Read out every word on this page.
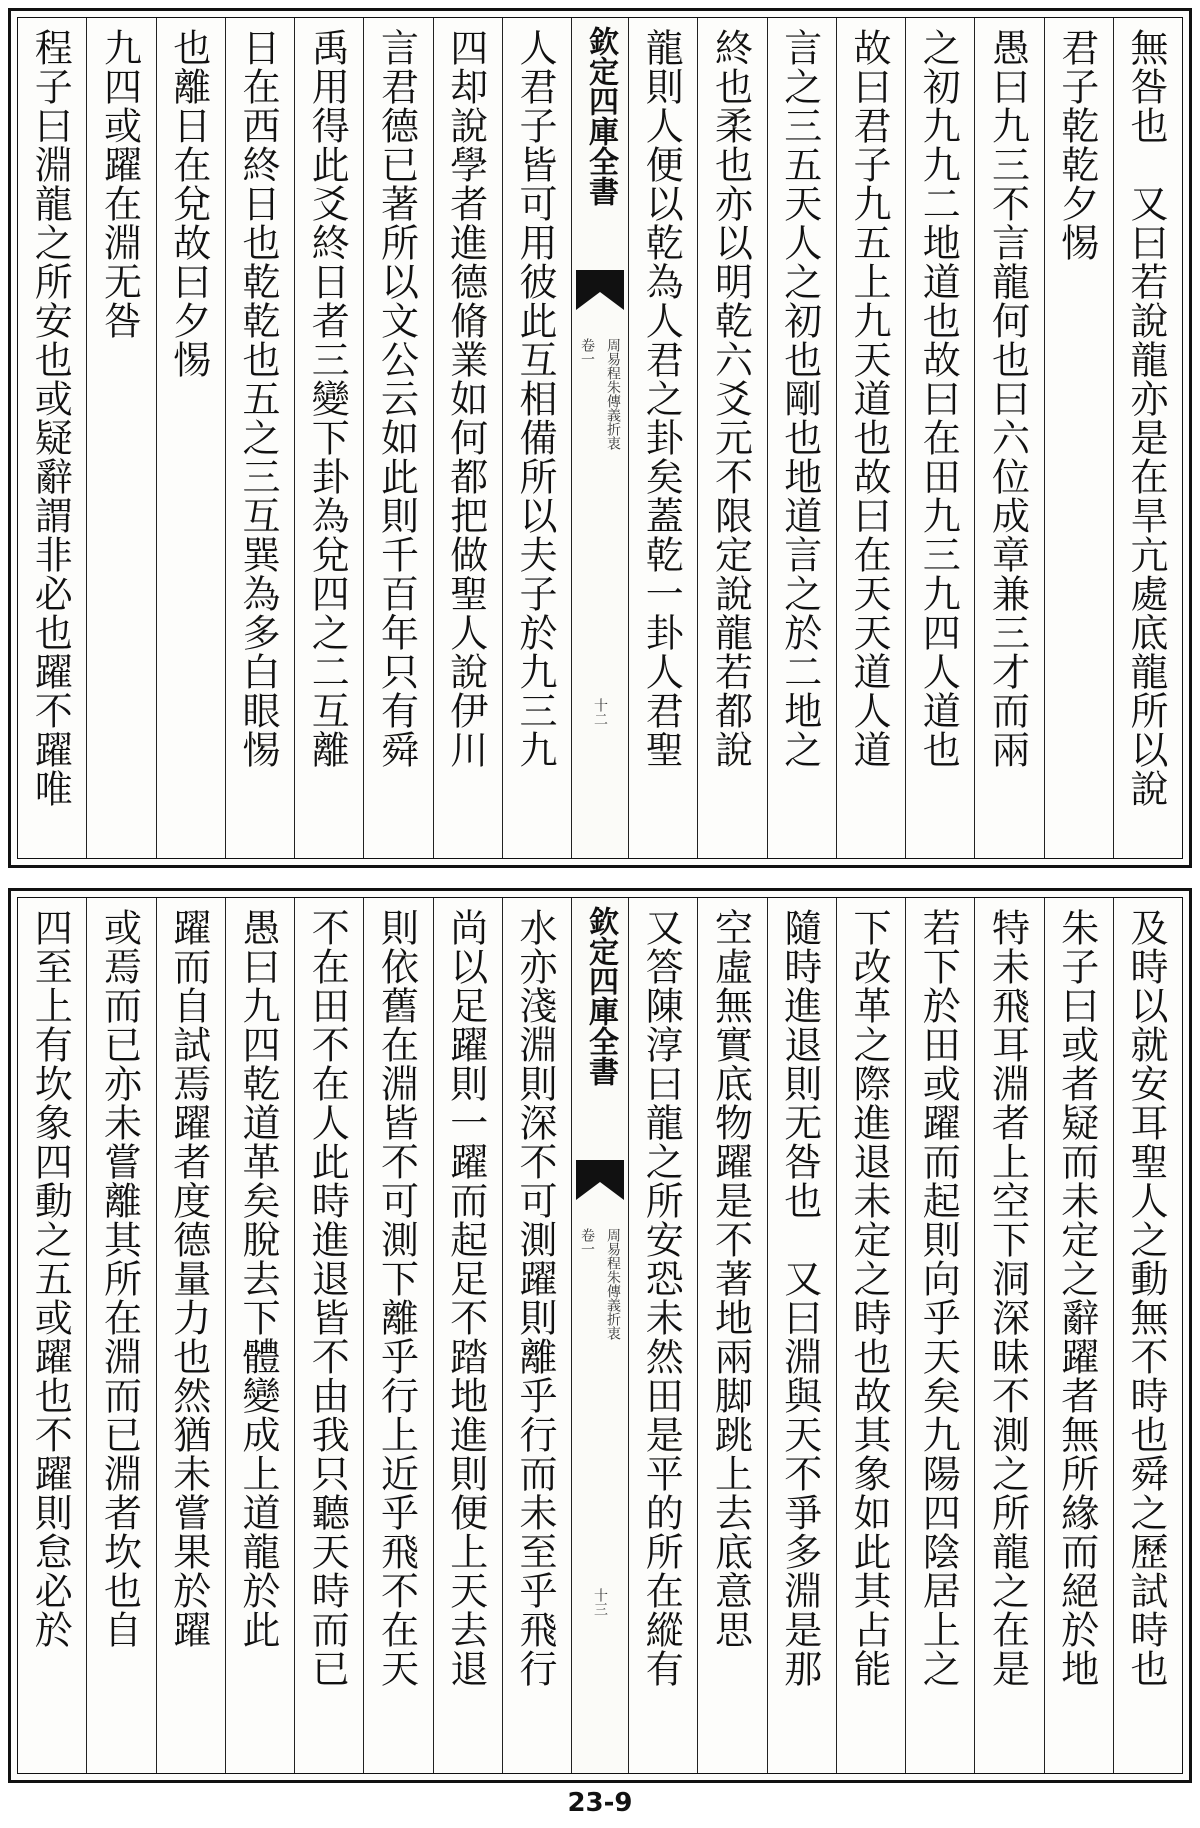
無咎也　又曰若說龍亦是在旱亢處底龍所以說
君子乾乾夕惕
愚曰九三不言龍何也曰六位成章兼三才而兩
之初九九二地道也故曰在田九三九四人道也
故曰君子九五上九天道也故曰在天天道人道
言之三五天人之初也剛也地道言之於二地之
終也柔也亦以明乾六爻元不限定說龍若都說
龍則人便以乾為人君之卦矣蓋乾一卦人君聖
欽定四庫全書
周易程朱傳義折衷
卷一
十二
人君子皆可用彼此互相備所以夫子於九三九
四却說學者進德脩業如何都把做聖人說伊川
言君德已著所以文公云如此則千百年只有舜
禹用得此爻終日者三變下卦為兌四之二互離
日在西終日也乾乾也五之三互巽為多白眼惕
也離日在兌故曰夕惕
九四或躍在淵无咎
程子曰淵龍之所安也或疑辭謂非必也躍不躍唯
及時以就安耳聖人之動無不時也舜之歷試時也
朱子曰或者疑而未定之辭躍者無所緣而絕於地
特未飛耳淵者上空下洞深昧不測之所龍之在是
若下於田或躍而起則向乎天矣九陽四陰居上之
下改革之際進退未定之時也故其象如此其占能
隨時進退則无咎也　又曰淵與天不爭多淵是那
空虛無實底物躍是不著地兩脚跳上去底意思
又答陳淳曰龍之所安恐未然田是平的所在縱有
欽定四庫全書
周易程朱傳義折衷
卷一
十三
水亦淺淵則深不可測躍則離乎行而未至乎飛行
尚以足躍則一躍而起足不踏地進則便上天去退
則依舊在淵皆不可測下離乎行上近乎飛不在天
不在田不在人此時進退皆不由我只聽天時而已
愚曰九四乾道革矣脫去下體變成上道龍於此
躍而自試焉躍者度德量力也然猶未嘗果於躍
或焉而已亦未嘗離其所在淵而已淵者坎也自
四至上有坎象四動之五或躍也不躍則怠必於
23-9
